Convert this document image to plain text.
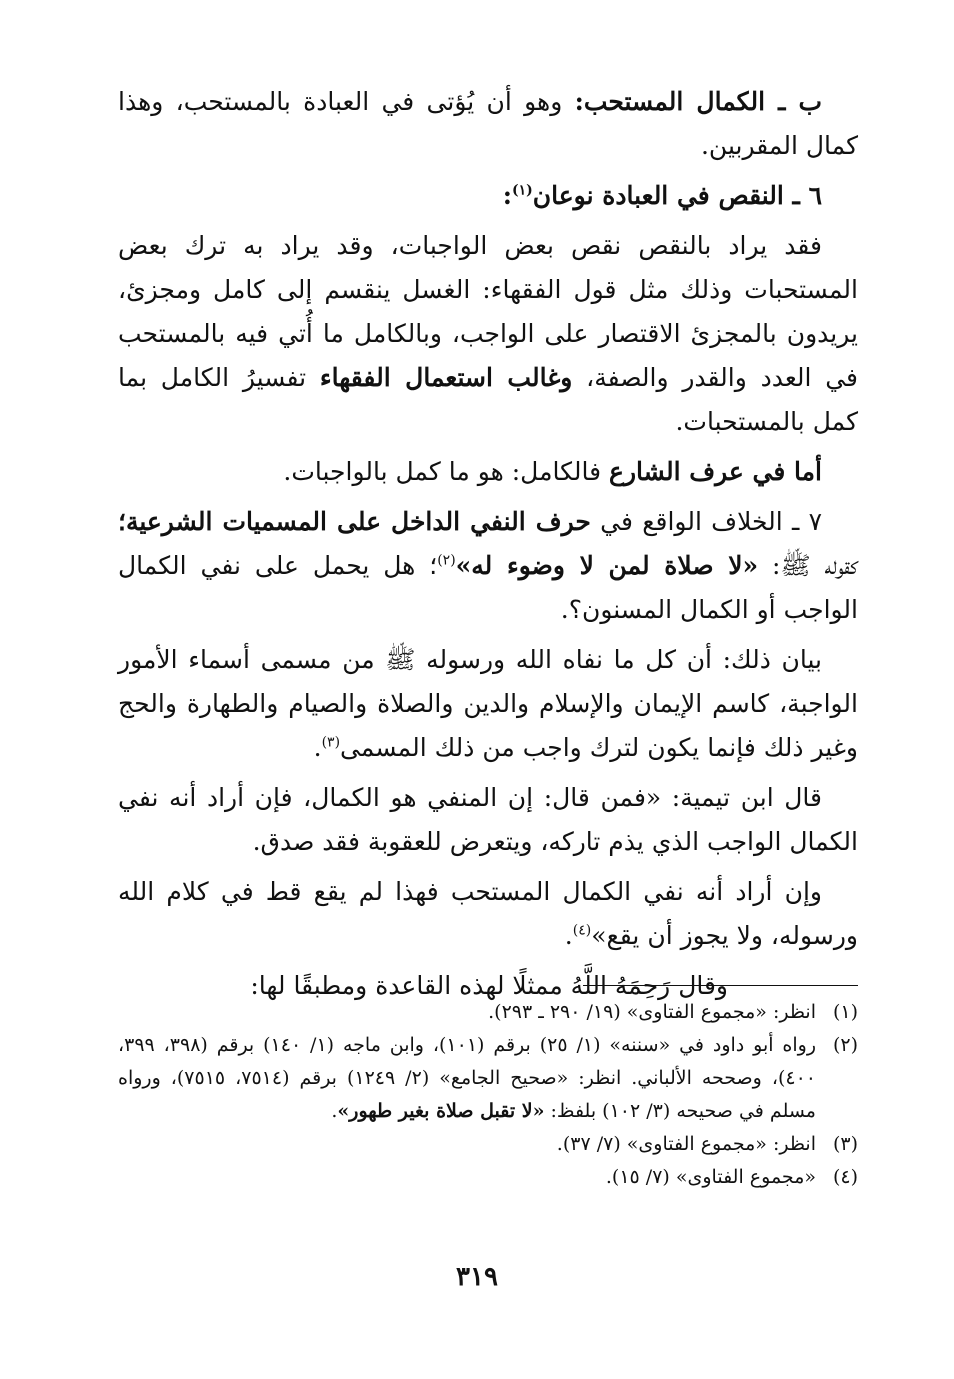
ب ـ الكمال المستحب: وهو أن يُؤتى في العبادة بالمستحب، وهذا كمال المقربين.

٦ ـ النقص في العبادة نوعان$^{(١)}$:

فقد يراد بالنقص نقص بعض الواجبات، وقد يراد به ترك بعض المستحبات وذلك مثل قول الفقهاء: الغسل ينقسم إلى كامل ومجزئ، يريدون بالمجزئ الاقتصار على الواجب، وبالكامل ما أُتي فيه بالمستحب في العدد والقدر والصفة، وغالب استعمال الفقهاء تفسيرُ الكامل بما كمل بالمستحبات.

أما في عرف الشارع فالكامل: هو ما كمل بالواجبات.

٧ ـ الخلاف الواقع في حرف النفي الداخل على المسميات الشرعية؛ كقوله ﷺ: «لا صلاة لمن لا وضوء له»$^{(٢)}$؛ هل يحمل على نفي الكمال الواجب أو الكمال المسنون؟.

بيان ذلك: أن كل ما نفاه الله ورسوله ﷺ من مسمى أسماء الأمور الواجبة، كاسم الإيمان والإسلام والدين والصلاة والصيام والطهارة والحج وغير ذلك فإنما يكون لترك واجب من ذلك المسمى$^{(٣)}$.

قال ابن تيمية: «فمن قال: إن المنفي هو الكمال، فإن أراد أنه نفي الكمال الواجب الذي يذم تاركه، ويتعرض للعقوبة فقد صدق.

وإن أراد أنه نفي الكمال المستحب فهذا لم يقع قط في كلام الله ورسوله، ولا يجوز أن يقع»$^{(٤)}$.

وقال رَحِمَهُ اللَّهُ ممثلًا لهذه القاعدة ومطبقًا لها:

(١)
انظر: «مجموع الفتاوى» (١٩/ ٢٩٠ ـ ٢٩٣).
(٢)
رواه أبو داود في «سننه» (١/ ٢٥) برقم (١٠١)، وابن ماجه (١/ ١٤٠) برقم (٣٩٨، ٣٩٩، ٤٠٠)، وصححه الألباني. انظر: «صحيح الجامع» (٢/ ١٢٤٩) برقم (٧٥١٤، ٧٥١٥)، ورواه مسلم في صحيحه (٣/ ١٠٢) بلفظ: «لا تقبل صلاة بغير طهور».
(٣)
انظر: «مجموع الفتاوى» (٧/ ٣٧).
(٤)
«مجموع الفتاوى» (٧/ ١٥).
٣١٩
